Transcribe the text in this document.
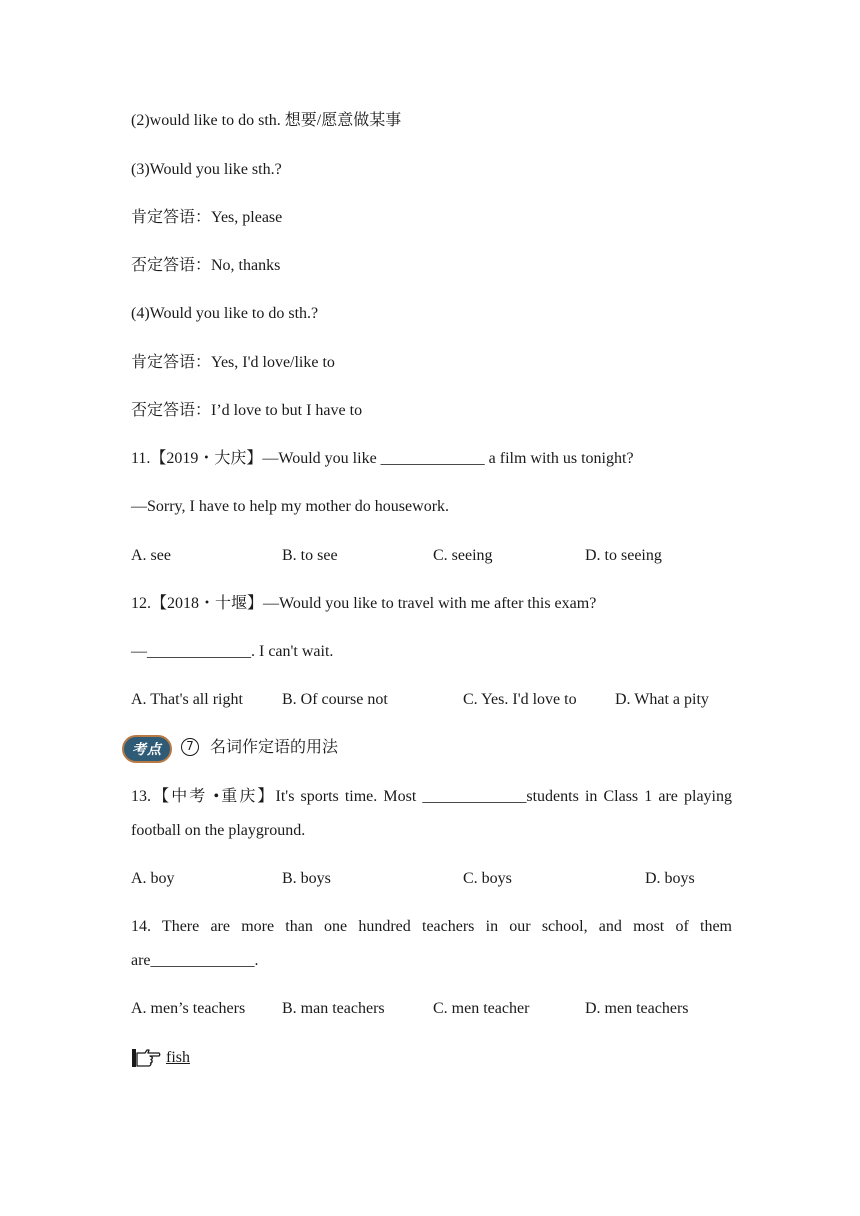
(2)would like to do sth. 想要/愿意做某事
(3)Would you like sth.?
肯定答语：Yes, please
否定答语：No, thanks
(4)Would you like to do sth.?
肯定答语：Yes, I'd love/like to
否定答语：I’d love to but I have to
11.【2019・大庆】—Would you like _____________ a film with us tonight?
—Sorry, I have to help my mother do housework.
A. see	B. to see	C. seeing	D. to seeing
12.【2018・十堰】—Would you like to travel with me after this exam?
—_____________. I can't wait.
A. That's all right B. Of course not	C. Yes. I'd love to D. What a pity
考点	7	名词作定语的用法
13.【中考 •重庆】It's sports time. Most _____________students in Class 1 are playing
football on the playground.
A. boy	B. boys	C. boys	D. boys
14. There are more than one hundred teachers in our school, and most of them
are_____________.
A. men’s teachers B. man teachers	C. men teacher	D. men teachers
fish
